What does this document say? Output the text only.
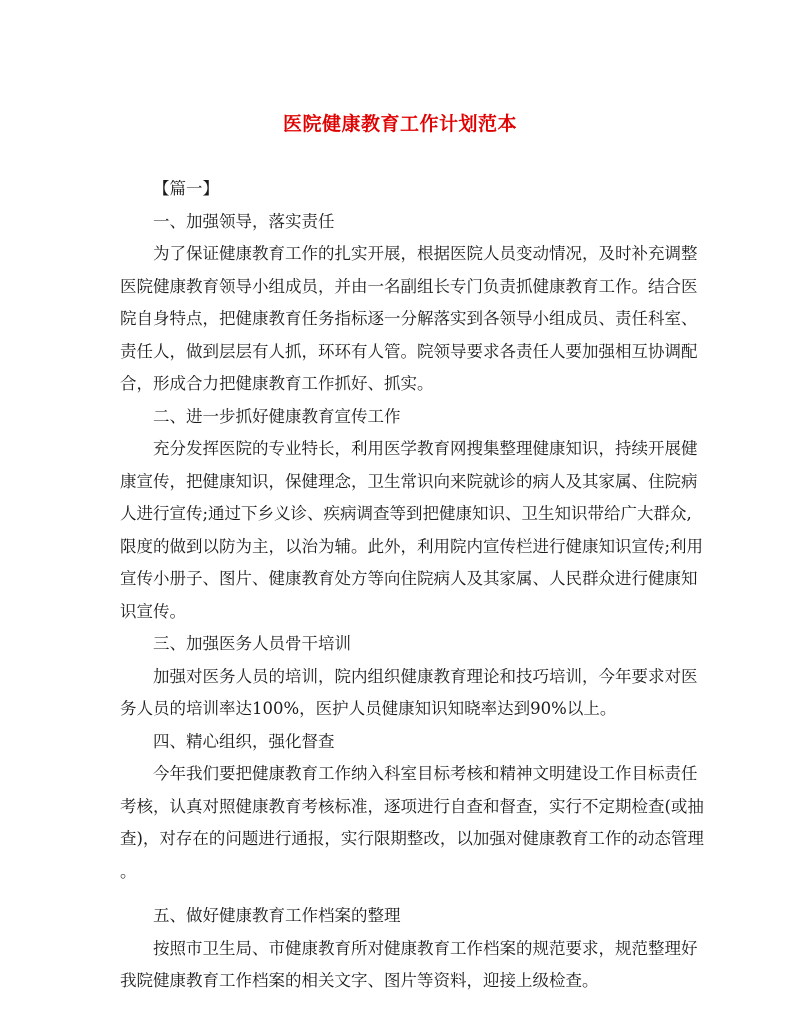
医院健康教育工作计划范本
【篇一】
一、加强领导，落实责任
为了保证健康教育工作的扎实开展，根据医院人员变动情况，及时补充调整
医院健康教育领导小组成员，并由一名副组长专门负责抓健康教育工作。结合医
院自身特点，把健康教育任务指标逐一分解落实到各领导小组成员、责任科室、
责任人，做到层层有人抓，环环有人管。院领导要求各责任人要加强相互协调配
合，形成合力把健康教育工作抓好、抓实。
二、进一步抓好健康教育宣传工作
充分发挥医院的专业特长，利用医学教育网搜集整理健康知识，持续开展健
康宣传，把健康知识，保健理念，卫生常识向来院就诊的病人及其家属、住院病
人进行宣传;通过下乡义诊、疾病调查等到把健康知识、卫生知识带给广大群众,
限度的做到以防为主，以治为辅。此外，利用院内宣传栏进行健康知识宣传;利用
宣传小册子、图片、健康教育处方等向住院病人及其家属、人民群众进行健康知
识宣传。
三、加强医务人员骨干培训
加强对医务人员的培训，院内组织健康教育理论和技巧培训，今年要求对医
务人员的培训率达100%，医护人员健康知识知晓率达到90%以上。
四、精心组织，强化督查
今年我们要把健康教育工作纳入科室目标考核和精神文明建设工作目标责任
考核，认真对照健康教育考核标准，逐项进行自查和督查，实行不定期检查(或抽
查)，对存在的问题进行通报，实行限期整改，以加强对健康教育工作的动态管理
。
五、做好健康教育工作档案的整理
按照市卫生局、市健康教育所对健康教育工作档案的规范要求，规范整理好
我院健康教育工作档案的相关文字、图片等资料，迎接上级检查。
